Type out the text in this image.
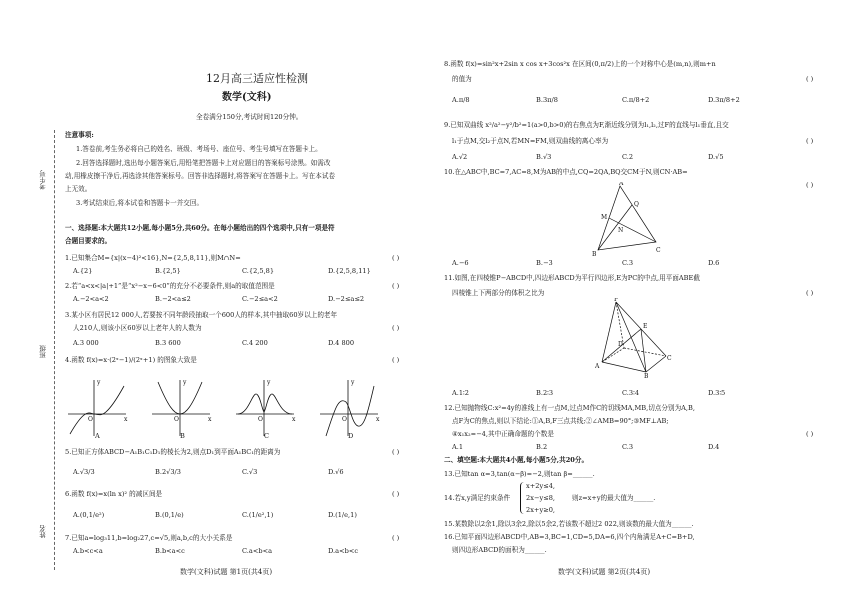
考生号
班级
姓名
12月高三适应性检测
数学(文科)
全卷满分150分,考试时间120分钟。
注意事项:
1.答卷前,考生务必将自己的姓名、班级、考场号、座位号、考生号填写在答题卡上。
2.回答选择题时,选出每小题答案后,用铅笔把答题卡上对应题目的答案标号涂黑。如需改
动,用橡皮擦干净后,再选涂其他答案标号。回答非选择题时,将答案写在答题卡上。写在本试卷
上无效。
3.考试结束后,将本试卷和答题卡一并交回。
一、选择题:本大题共12小题,每小题5分,共60分。在每小题给出的四个选项中,只有一项是符
合题目要求的。
1.已知集合M={x|(x−4)²<16},N={2,5,8,11},则M∩N=	( )
A.{2}	B.{2,5}	C.{2,5,8}	D.{2,5,8,11}
2.若“a<x<|a|+1”是“x²−x−6<0”的充分不必要条件,则a的取值范围是	( )
A.−2<a<2	B.−2<a≤2	C.−2≤a<2	D.−2≤a≤2
3.某小区有居民12 000人,若要按不同年龄段抽取一个600人的样本,其中抽取60岁以上的老年
人210人,则该小区60岁以上老年人的人数为	( )
A.3 000	B.3 600	C.4 200	D.4 800
4.函数 f(x)=x·(2ˣ−1)/(2ˣ+1) 的图象大致是	( )
O	x
y
O	x
y
O	x
y
O	x
y
A	B	C	D
5.已知正方体ABCD−A₁B₁C₁D₁的棱长为2,则点D₁到平面A₁BC₁的距离为	( )
A.√3/3	B.2√3/3	C.√3	D.√6
6.函数 f(x)=x(ln x)² 的减区间是	( )
A.(0,1/e²)	B.(0,1/e)	C.(1/e²,1)	D.(1/e,1)
7.已知a=log₃11,b=log₂27,c=√5,则a,b,c的大小关系是	( )
A.b<c<a	B.b<a<c	C.a<b<a	D.a<b<c
数学(文科)试题 第1页(共4页)
8.函数 f(x)=sin²x+2sin x cos x+3cos²x 在区间(0,π/2)上的一个对称中心是(m,n),则m+n
的值为	( )
A.π/8	B.3π/8	C.π/8+2	D.3π/8+2
9.已知双曲线 x²/a²−y²/b²=1(a>0,b>0)的右焦点为F,渐近线分别为l₁,l₂,过F的直线与l₁垂直,且交
l₁于点M,交l₂于点N,若MN=FM,则双曲线的离心率为	( )
A.√2	B.√3	C.2	D.√5
10.在△ABC中,BC=7,AC=8,M为AB的中点,CQ=2QA,BQ交CM于N,则CN·AB=
( )
A
B
C
M
N
Q
A.−6	B.−3	C.3	D.6
11.如图,在四棱锥P−ABCD中,四边形ABCD为平行四边形,E为PC的中点,用平面ABE截
四棱锥上下两部分的体积之比为	( )
P
A
B
C
D
E
A.1∶2	B.2∶3	C.3∶4	D.3∶5
12.已知抛物线C:x²=4y的准线上有一点M,过点M作C的切线MA,MB,切点分别为A,B,
点F为C的焦点,则以下结论:①A,B,F三点共线;②∠AMB=90°;③MF⊥AB;
④x₁x₂=−4,其中正确命题的个数是	( )
A.1	B.2	C.3	D.4
二、填空题:本大题共4小题,每小题5分,共20分。
13.已知tan α=3,tan(α−β)=−2,则tan β=______.
14.若x,y满足约束条件
x+2y≤4,
2x−y≤8,
2x+y≥0,
则z=x+y的最大值为______.
15.某数除以2余1,除以3余2,除以5余2,若该数不超过2 022,则该数的最大值为______.
16.已知平面四边形ABCD中,AB=3,BC=1,CD=5,DA=6,四个内角满足A+C=B+D,
则四边形ABCD的面积为______.
数学(文科)试题 第2页(共4页)
